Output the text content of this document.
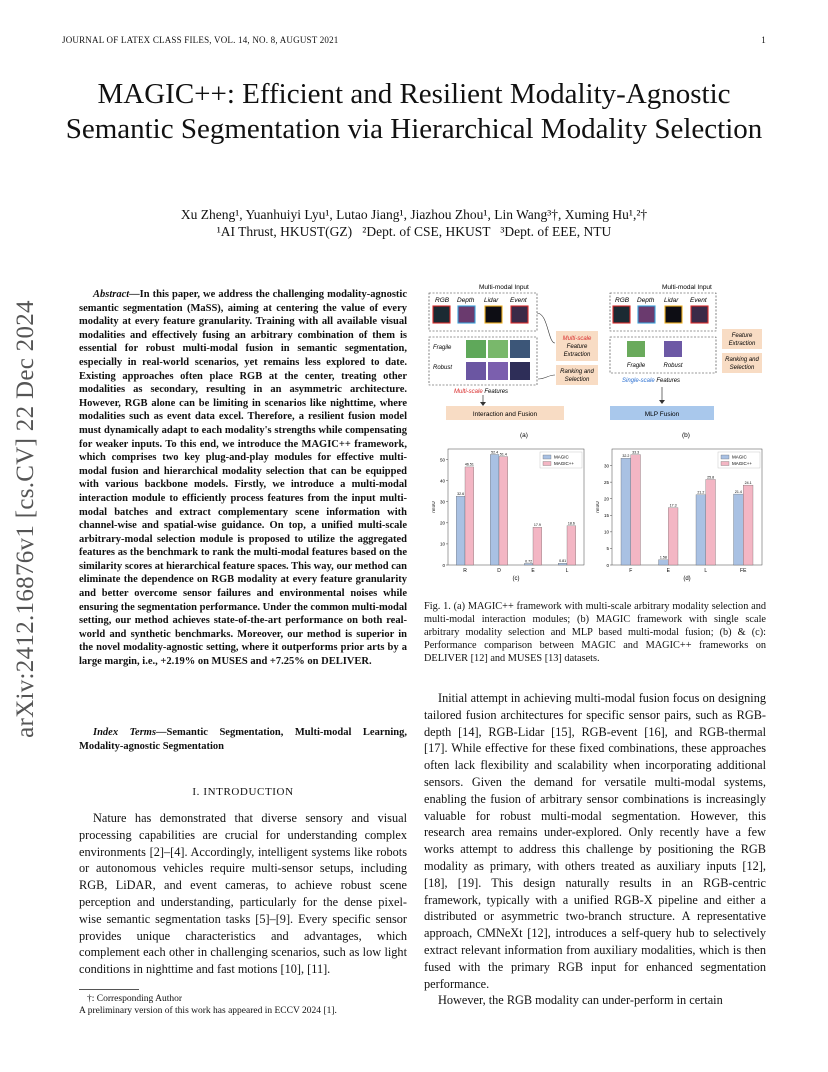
JOURNAL OF LATEX CLASS FILES, VOL. 14, NO. 8, AUGUST 2021	1
MAGIC++: Efficient and Resilient Modality-Agnostic Semantic Segmentation via Hierarchical Modality Selection
Xu Zheng¹, Yuanhuiyi Lyu¹, Lutao Jiang¹, Jiazhou Zhou¹, Lin Wang³†, Xuming Hu¹,²†
¹AI Thrust, HKUST(GZ)   ²Dept. of CSE, HKUST   ³Dept. of EEE, NTU
arXiv:2412.16876v1 [cs.CV] 22 Dec 2024

Abstract—In this paper, we address the challenging modality-agnostic semantic segmentation (MaSS), aiming at centering the value of every modality at every feature granularity. Training with all available visual modalities and effectively fusing an arbitrary combination of them is essential for robust multi-modal fusion in semantic segmentation, especially in real-world scenarios, yet remains less explored to date. Existing approaches often place RGB at the center, treating other modalities as secondary, resulting in an asymmetric architecture. However, RGB alone can be limiting in scenarios like nighttime, where modalities such as event data excel. Therefore, a resilient fusion model must dynamically adapt to each modality's strengths while compensating for weaker inputs. To this end, we introduce the MAGIC++ framework, which comprises two key plug-and-play modules for effective multi-modal fusion and hierarchical modality selection that can be equipped with various backbone models. Firstly, we introduce a multi-modal interaction module to efficiently process features from the input multi-modal batches and extract complementary scene information with channel-wise and spatial-wise guidance. On top, a unified multi-scale arbitrary-modal selection module is proposed to utilize the aggregated features as the benchmark to rank the multi-modal features based on the similarity scores at hierarchical feature spaces. This way, our method can eliminate the dependence on RGB modality at every feature granularity and better overcome sensor failures and environmental noises while ensuring the segmentation performance. Under the common multi-modal setting, our method achieves state-of-the-art performance on both real-world and synthetic benchmarks. Moreover, our method is superior in the novel modality-agnostic setting, where it outperforms prior arts by a large margin, i.e., +2.19% on MUSES and +7.25% on DELIVER.

Index Terms—Semantic Segmentation, Multi-modal Learning, Modality-agnostic Segmentation

I. INTRODUCTION

Nature has demonstrated that diverse sensory and visual processing capabilities are crucial for understanding complex environments [2]–[4]. Accordingly, intelligent systems like robots or autonomous vehicles require multi-sensor setups, including RGB, LiDAR, and event cameras, to achieve robust scene perception and understanding, particularly for the dense pixel-wise semantic segmentation tasks [5]–[9]. Every specific sensor provides unique characteristics and advantages, which complement each other in challenging scenarios, such as low light conditions in nighttime and fast motions [10], [11].

†: Corresponding Author
A preliminary version of this work has appeared in ECCV 2024 [1].
Multi-modal Input
RGB Depth Lidar Event
Fragile
Robust
Multi-scale
Feature
Extraction
Ranking and
Selection
Multi-scale Features
Interaction and Fusion
(a)
Multi-modal Input
RGB Depth Lidar Event
Fragile	Robust
Feature
Extraction
Ranking and
Selection
Single-scale Features
MLP Fusion
(b)
0
10
20
30
40
50
mIoU
32.6
46.51
R
52.4
51.4
D
0.72
17.9
E
0.81
18.6
L
MAGIC
MAGIC++
(c)
0
5
10
15
20
25
30
mIoU
32.2
33.3
F
1.58
17.3
E
21.2
25.8
L
21.4
24.1
FE
MAGIC
MAGIC++
(d)
Fig. 1. (a) MAGIC++ framework with multi-scale arbitrary modality selection and multi-modal interaction modules; (b) MAGIC framework with single scale arbitrary modality selection and MLP based multi-modal fusion; (b) & (c): Performance comparison between MAGIC and MAGIC++ frameworks on DELIVER [12] and MUSES [13] datasets.

Initial attempt in achieving multi-modal fusion focus on designing tailored fusion architectures for specific sensor pairs, such as RGB-depth [14], RGB-Lidar [15], RGB-event [16], and RGB-thermal [17]. While effective for these fixed combinations, these approaches often lack flexibility and scalability when incorporating additional sensors. Given the demand for versatile multi-modal systems, enabling the fusion of arbitrary sensor combinations is increasingly valuable for robust multi-modal segmentation. However, this research area remains under-explored. Only recently have a few works attempt to address this challenge by positioning the RGB modality as primary, with others treated as auxiliary inputs [12], [18], [19]. This design naturally results in an RGB-centric framework, typically with a unified RGB-X pipeline and either a distributed or asymmetric two-branch structure. A representative approach, CMNeXt [12], introduces a self-query hub to selectively extract relevant information from auxiliary modalities, which is then fused with the primary RGB input for enhanced segmentation performance.

However, the RGB modality can under-perform in certain
